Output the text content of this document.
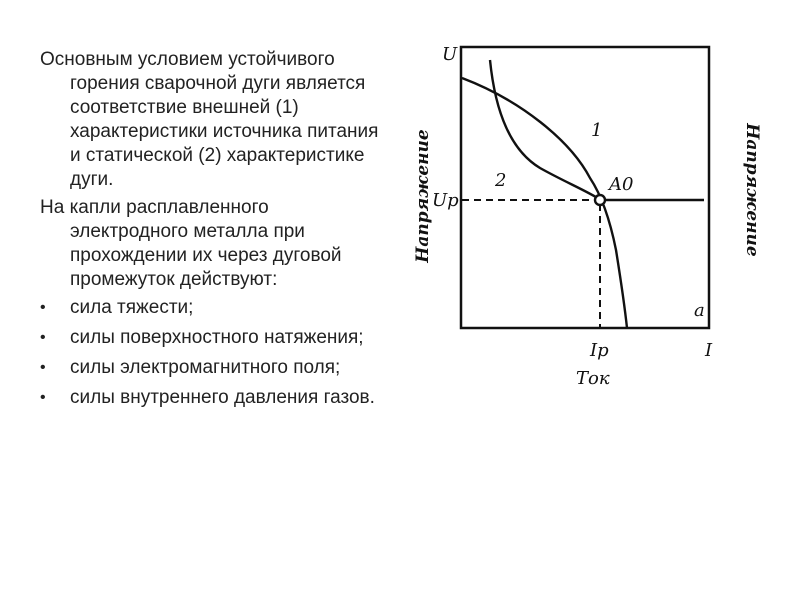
Основным условием устойчивого горения сварочной дуги является соответствие внешней (1) характеристики источника питания и статической (2) характеристике дуги.

На капли расплавленного электродного металла при прохождении их через дуговой промежуток действуют:

• сила тяжести;
• силы поверхностного натяжения;
• силы электромагнитного поля;
• силы внутреннего давления газов.
U
Up
A0
1
2
a
Ip	I
Ток
Напряжение	Напряжение
